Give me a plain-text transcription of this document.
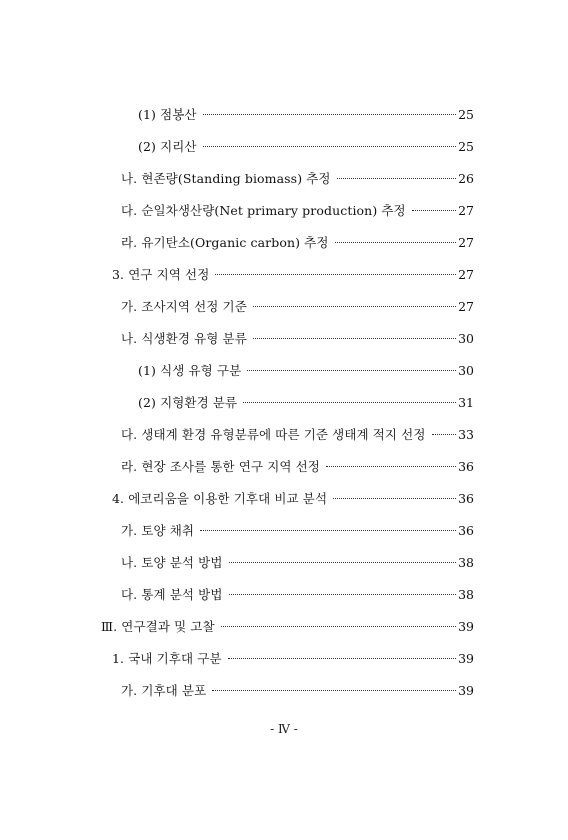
(1) 점봉산	25
(2) 지리산	25
나. 현존량(Standing biomass) 추정	26
다. 순일차생산량(Net primary production) 추정	27
라. 유기탄소(Organic carbon) 추정	27
3. 연구 지역 선정	27
가. 조사지역 선정 기준	27
나. 식생환경 유형 분류	30
(1) 식생 유형 구분	30
(2) 지형환경 분류	31
다. 생태계 환경 유형분류에 따른 기준 생태계 적지 선정	33
라. 현장 조사를 통한 연구 지역 선정	36
4. 에코리움을 이용한 기후대 비교 분석	36
가. 토양 채취	36
나. 토양 분석 방법	38
다. 통계 분석 방법	38
Ⅲ. 연구결과 및 고찰	39
1. 국내 기후대 구분	39
가. 기후대 분포	39
- Ⅳ -
